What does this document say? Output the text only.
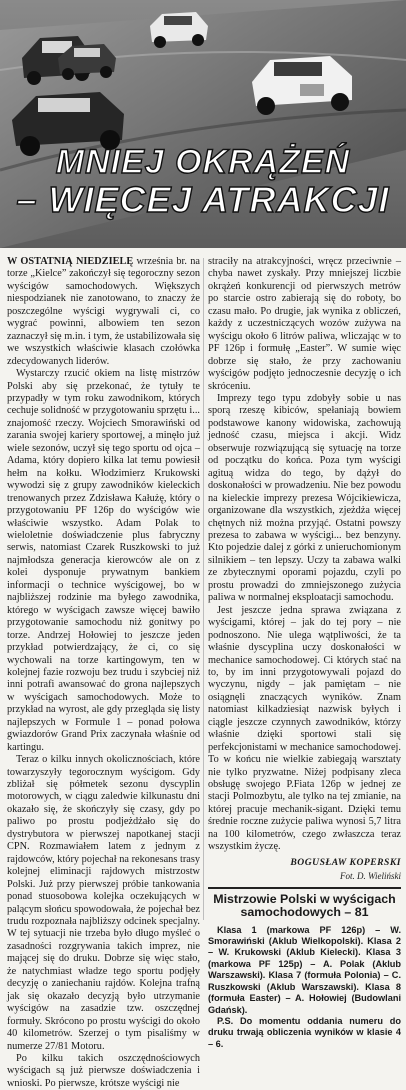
MNIEJ OKRĄŻEŃ
– WIĘCEJ ATRAKCJI

W OSTATNIĄ NIEDZIELĘ września br. na torze „Kielce” zakończył się tegoroczny sezon wyścigów samochodowych. Większych niespodzianek nie zanotowano, to znaczy że poszczególne wyścigi wygrywali ci, co wygrać powinni, albowiem ten sezon zaznaczył się m.in. i tym, że ustabilizowała się we wszystkich właściwie klasach czołówka zdecydowanych liderów.

Wystarczy rzucić okiem na listę mistrzów Polski aby się przekonać, że tytuły te przypadły w tym roku zawodnikom, których cechuje solidność w przygotowaniu sprzętu i... znajomość rzeczy. Wojciech Smorawiński od zarania swojej kariery sportowej, a minęło już wiele sezonów, uczył się tego sportu od ojca – Adama, który dopiero kilka lat temu powiesił hełm na kołku. Włodzimierz Krukowski wywodzi się z grupy zawodników kieleckich trenowanych przez Zdzisława Kałużę, który o przygotowaniu PF 126p do wyścigów wie właściwie wszystko. Adam Polak to wieloletnie doświadczenie plus fabryczny serwis, natomiast Czarek Ruszkowski to już najmłodsza generacja kierowców ale on z kolei dysponuje prywatnym bankiem informacji o technice wyścigowej, bo w najbliższej rodzinie ma byłego zawodnika, którego w wyścigach zawsze więcej bawiło przygotowanie samochodu niż gonitwy po torze. Andrzej Hołowiej to jeszcze jeden przykład potwierdzający, że ci, co się wychowali na torze kartingowym, ten w kolejnej fazie rozwoju bez trudu i szybciej niż inni potrafi awansować do grona najlepszych w wyścigach samochodowych. Może to przykład na wyrost, ale gdy przegląda się listy najlepszych w Formule 1 – ponad połowa gwiazdorów Grand Prix zaczynała właśnie od kartingu.

Teraz o kilku innych okolicznościach, które towarzyszyły tegorocznym wyścigom. Gdy zbliżał się półmetek sezonu dyscyplin motorowych, w ciągu zaledwie kilkunastu dni okazało się, że skończyły się czasy, gdy po paliwo po prostu podjeżdżało się do dystrybutora w pierwszej napotkanej stacji CPN. Rozmawiałem latem z jednym z rajdowców, który pojechał na rekonesans trasy kolejnej eliminacji rajdowych mistrzostw Polski. Już przy pierwszej próbie tankowania ponad stuosobowa kolejka oczekujących w palącym słońcu spowodowała, że pojechał bez trudu rozpoznała najbliższy odcinek specjalny. W tej sytuacji nie trzeba było długo myśleć o zasadności rozgrywania takich imprez, nie mającej się do druku. Dobrze się więc stało, że natychmiast władze tego sportu podjęły decyzję o zaniechaniu rajdów. Kolejna trafną jak się okazało decyzją było utrzymanie wyścigów na zasadzie tzw. oszczędnej formuły. Skrócono po prostu wyścigi do około 40 kilometrów. Szerzej o tym pisaliśmy w numerze 27/81 Motoru.

Po kilku takich oszczędnościowych wyścigach są już pierwsze doświadczenia i wnioski. Po pierwsze, krótsze wyścigi nie

straciły na atrakcyjności, wręcz przeciwnie – chyba nawet zyskały. Przy mniejszej liczbie okrążeń konkurencji od pierwszych metrów po starcie ostro zabierają się do roboty, bo czasu mało. Po drugie, jak wynika z obliczeń, każdy z uczestniczących wozów zużywa na wyścigu około 6 litrów paliwa, wliczając w to PF 126p i formułę „Easter”. W sumie więc dobrze się stało, że przy zachowaniu wyścigów podjęto jednoczesnie decyzję o ich skróceniu.

Imprezy tego typu zdobyły sobie u nas sporą rzeszę kibiców, spełaniają bowiem podstawowe kanony widowiska, zachowują jedność czasu, miejsca i akcji. Widz obserwuje rozwiązującą się sytuację na torze od początku do końca. Poza tym wyścigi agituą widza do tego, by dążył do doskonałości w prowadzeniu. Nie bez powodu na kieleckie imprezy prezesa Wójcikiewicza, organizowane dla wszystkich, zjeżdża więcej chętnych niż można przyjąć. Ostatni powszy prezesa to zabawa w wyścigi... bez benzyny. Kto pojedzie dalej z górki z unieruchomionym silnikiem – ten lepszy. Uczy ta zabawa walki ze zbytecznymi oporami pojazdu, czyli po prostu prowadzi do zmniejszonego zużycia paliwa w normalnej eksploatacji samochodu.

Jest jeszcze jedna sprawa związana z wyścigami, której – jak do tej pory – nie podnoszono. Nie ulega wątpliwości, że ta właśnie dyscyplina uczy doskonałości w mechanice samochodowej. Ci których stać na to, by im inni przygotowywali pojazd do wyczynu, nigdy – jak pamiętam – nie osiągnęli znaczących wyników. Znam natomiast kilkadziesiąt nazwisk byłych i ciągle jeszcze czynnych zawodników, którzy właśnie dzięki sportowi stali się perfekcjonistami w mechanice samochodowej. To w końcu nie wielkie zabiegają warsztaty nie tylko pryzwatne. Niżej podpisany zleca obsługę swojego P.Fiata 126p w jednej ze stacji Polmozbytu, ale tylko na tej zmianie, na której pracuje mechanik-sigant. Dzięki temu średnie roczne zużycie paliwa wynosi 5,7 litra na 100 kilometrów, czego zwłaszcza teraz wszystkim życzę.

BOGUSŁAW KOPERSKI
Fot. D. Wieliński
Mistrzowie Polski w wyścigach samochodowych – 81

Klasa 1 (markowa PF 126p) – W. Smorawiński (Aklub Wielkopolski). Klasa 2 – W. Krukowski (Aklub Kielecki). Klasa 3 (markowa PF 125p) – A. Polak (Aklub Warszawski). Klasa 7 (formuła Polonia) – C. Ruszkowski (Aklub Warszawski). Klasa 8 (formuła Easter) – A. Hołowiej (Budowlani Gdańsk).

P.S. Do momentu oddania numeru do druku trwają obliczenia wyników w klasie 4 – 6.
